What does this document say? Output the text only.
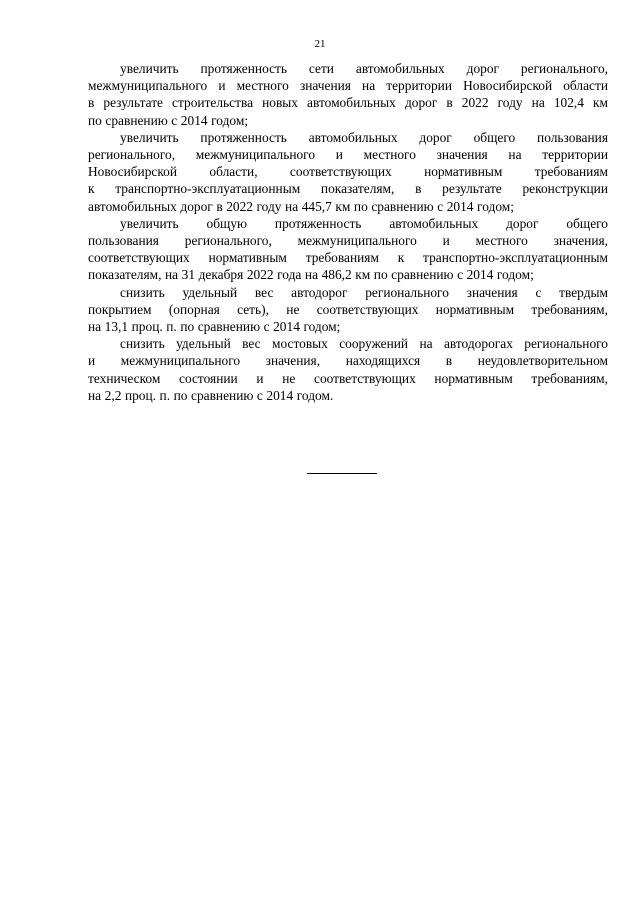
21

увеличить протяженность сети автомобильных дорог регионального,
межмуниципального и местного значения на территории Новосибирской области
в результате строительства новых автомобильных дорог в 2022 году на 102,4 км
по сравнению с 2014 годом;

увеличить протяженность автомобильных дорог общего пользования
регионального, межмуниципального и местного значения на территории
Новосибирской области, соответствующих нормативным требованиям
к транспортно-эксплуатационным показателям, в результате реконструкции
автомобильных дорог в 2022 году на 445,7 км по сравнению с 2014 годом;

увеличить общую протяженность автомобильных дорог общего
пользования регионального, межмуниципального и местного значения,
соответствующих нормативным требованиям к транспортно-эксплуатационным
показателям, на 31 декабря 2022 года на 486,2 км по сравнению с 2014 годом;

снизить удельный вес автодорог регионального значения с твердым
покрытием (опорная сеть), не соответствующих нормативным требованиям,
на 13,1 проц. п. по сравнению с 2014 годом;

снизить удельный вес мостовых сооружений на автодорогах регионального
и межмуниципального значения, находящихся в неудовлетворительном
техническом состоянии и не соответствующих нормативным требованиям,
на 2,2 проц. п. по сравнению с 2014 годом.
